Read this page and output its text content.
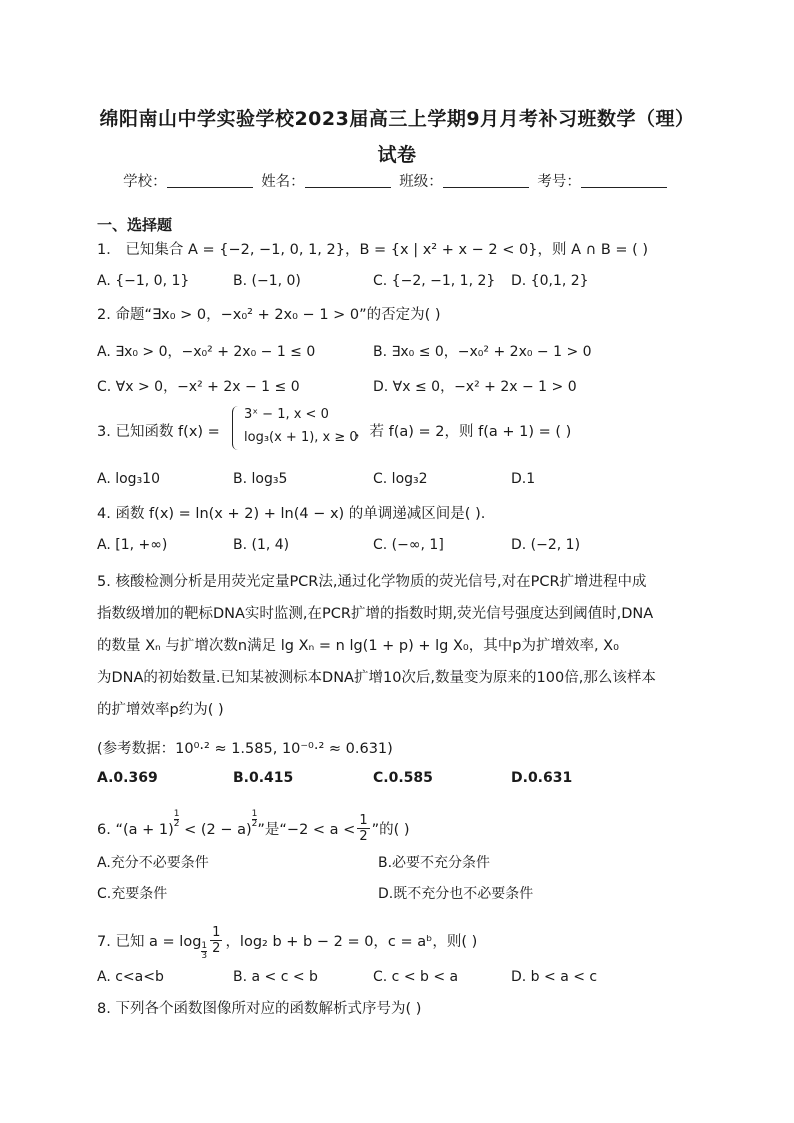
绵阳南山中学实验学校2023届高三上学期9月月考补习班数学（理）
试卷
学校：	姓名：	班级：	考号：
一、选择题
1． 已知集合 A = {−2, −1, 0, 1, 2}，B = {x | x² + x − 2 < 0}，则 A ∩ B = ( )
A. {−1, 0, 1}	B. (−1, 0)	C. {−2, −1, 1, 2} D. {0,1, 2}
2. 命题“∃x₀ > 0，−x₀² + 2x₀ − 1 > 0”的否定为( )
A. ∃x₀ > 0，−x₀² + 2x₀ − 1 ≤ 0	B. ∃x₀ ≤ 0，−x₀² + 2x₀ − 1 > 0
C. ∀x > 0，−x² + 2x − 1 ≤ 0	D. ∀x ≤ 0，−x² + 2x − 1 > 0
3. 已知函数 f(x) =
3ˣ − 1, x < 0
log₃(x + 1), x ≥ 0
，若 f(a) = 2，则 f(a + 1) = ( )
A. log₃10	B. log₃5	C. log₃2	D.1
4. 函数 f(x) = ln(x + 2) + ln(4 − x) 的单调递减区间是( ).
A. [1, +∞)	B. (1, 4)	C. (−∞, 1]	D. (−2, 1)
5. 核酸检测分析是用荧光定量PCR法,通过化学物质的荧光信号,对在PCR扩增进程中成
指数级增加的靶标DNA实时监测,在PCR扩增的指数时期,荧光信号强度达到阈值时,DNA
的数量 Xₙ 与扩增次数n满足 lg Xₙ = n lg(1 + p) + lg X₀，其中p为扩增效率, X₀
为DNA的初始数量.已知某被测标本DNA扩增10次后,数量变为原来的100倍,那么该样本
的扩增效率p约为( )
(参考数据：10⁰·² ≈ 1.585, 10⁻⁰·² ≈ 0.631)
A.0.369	B.0.415	C.0.585	D.0.631
6. “(a + 1)
$\frac{1}{2}$
< (2 − a)
$\frac{1}{2}$
”是“$-2 < a < \frac{1}{2}$ ”的( )
A.充分不必要条件	B.必要不充分条件
C.充要条件	D.既不充分也不必要条件
7. 已知 $a = \log \frac{1}{3} \frac{1}{2}$ ，log₂ b + b − 2 = 0，c = aᵇ，则( )
A. c<a<b	B. a < c < b	C. c < b < a	D. b < a < c
8. 下列各个函数图像所对应的函数解析式序号为( )
